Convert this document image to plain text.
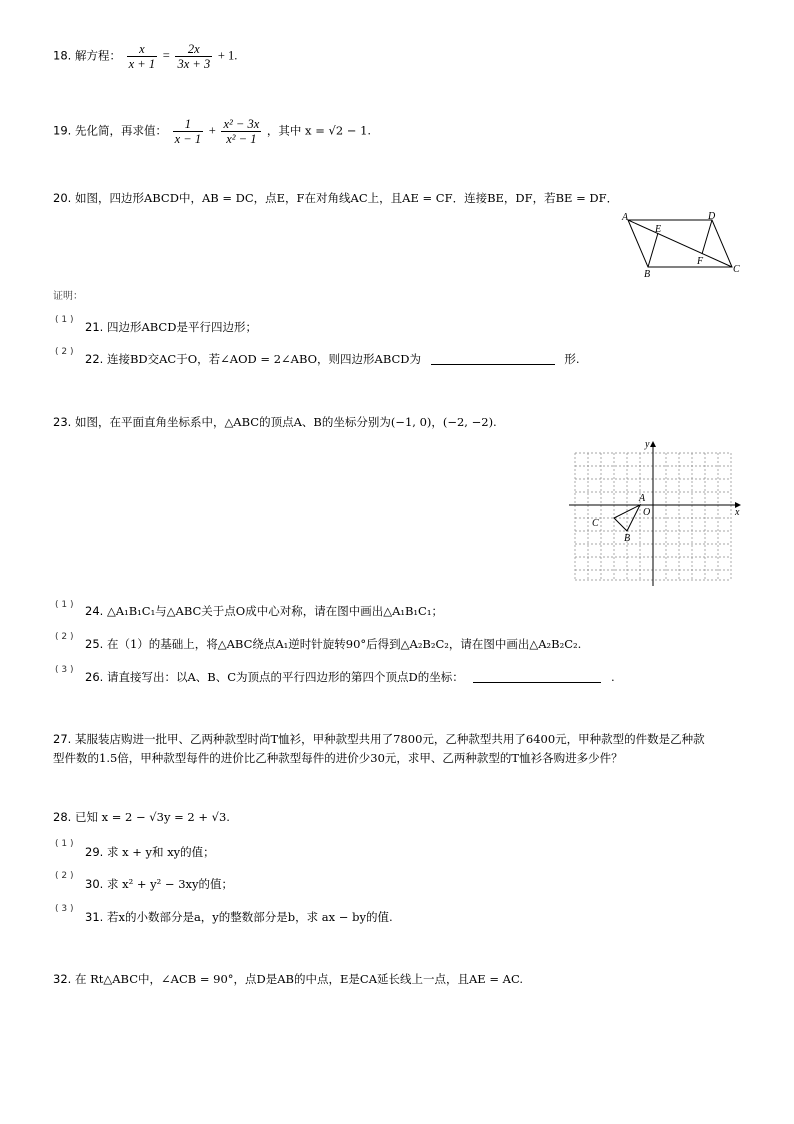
18. 解方程： $\frac{x}{x + 1} = \frac{2x}{3x + 3} + 1$.
19. 先化简，再求值： $\frac{1}{x - 1} + \frac{\text{x² − 3x}}{\text{x² − 1}}$ ，其中 x = √2 − 1.
20. 如图，四边形ABCD中，AB = DC，点E，F在对角线AC上，且AE = CF．连接BE，DF，若BE = DF．
A	D
E
F
B	C
证明：
( 1 ) 21. 四边形ABCD是平行四边形；
( 2 ) 22. 连接BD交AC于O，若∠AOD = 2∠ABO，则四边形ABCD为	形.
23. 如图，在平面直角坐标系中，△ABC的顶点A、B的坐标分别为(−1, 0)，(−2, −2).
y
x
A
O
C
B
( 1 ) 24. △A₁B₁C₁与△ABC关于点O成中心对称，请在图中画出△A₁B₁C₁；
( 2 ) 25. 在（1）的基础上，将△ABC绕点A₁逆时针旋转90°后得到△A₂B₂C₂，请在图中画出△A₂B₂C₂.
( 3 ) 26. 请直接写出：以A、B、C为顶点的平行四边形的第四个顶点D的坐标：	.
27. 某服装店购进一批甲、乙两种款型时尚T恤衫，甲种款型共用了7800元，乙种款型共用了6400元，甲种款型的件数是乙种款
型件数的1.5倍，甲种款型每件的进价比乙种款型每件的进价少30元，求甲、乙两种款型的T恤衫各购进多少件？
28. 已知 x = 2 − √3y = 2 + √3.
( 1 )
29. 求 x + y和 xy的值；
( 2 )
30. 求 x² + y² − 3xy的值；
( 3 )
31. 若x的小数部分是a，y的整数部分是b，求 ax − by的值.
32. 在 Rt△ABC中，∠ACB = 90°，点D是AB的中点，E是CA延长线上一点，且AE = AC.
